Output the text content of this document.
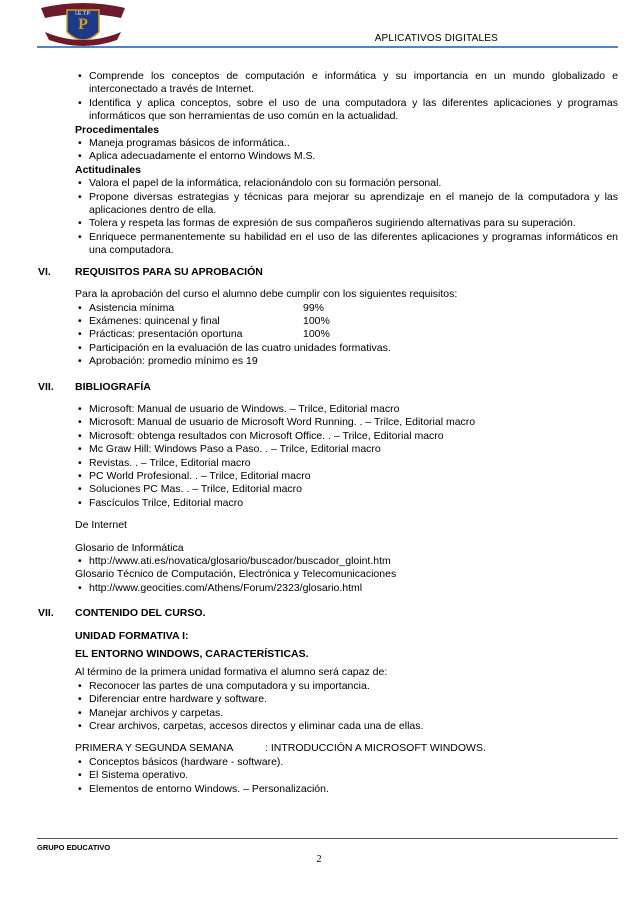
P
I.E.T.P.
APLICATIVOS DIGITALES
• Comprende los conceptos de computación e informática y su importancia en un mundo globalizado e interconectado a través de Internet.
• Identifica y aplica conceptos, sobre el uso de una computadora y las diferentes aplicaciones y programas informáticos que son herramientas de uso común en la actualidad.
Procedimentales
• Maneja programas básicos de informática..
• Aplica adecuadamente el entorno Windows M.S.
Actitudinales
• Valora el papel de la informática, relacionándolo con su formación personal.
• Propone diversas estrategias y técnicas para mejorar su aprendizaje en el manejo de la computadora y las aplicaciones dentro de ella.
• Tolera y respeta las formas de expresión de sus compañeros sugiriendo alternativas para su superación.
• Enriquece permanentemente su habilidad en el uso de las diferentes aplicaciones y programas informáticos en una computadora.
VI.	REQUISITOS PARA SU APROBACIÓN
Para la aprobación del curso el alumno debe cumplir con los siguientes requisitos:
• Asistencia mínima	99%
• Exámenes: quincenal y final	100%
• Prácticas: presentación oportuna	100%
• Participación en la evaluación de las cuatro unidades formativas.
• Aprobación: promedio mínimo es 19
VII.	BIBLIOGRAFÍA
• Microsoft: Manual de usuario de Windows. – Trilce, Editorial macro
• Microsoft: Manual de usuario de Microsoft Word Running. . – Trilce, Editorial macro
• Microsoft: obtenga resultados con Microsoft Office. . – Trilce, Editorial macro
• Mc Graw Hill: Windows Paso a Paso. . – Trilce, Editorial macro
• Revistas. . – Trilce, Editorial macro
• PC World Profesional. . – Trilce, Editorial macro
• Soluciones PC Mas. . – Trilce, Editorial macro
• Fascículos Trilce, Editorial macro
De Internet
Glosario de Informática
• http://www.ati.es/novatica/glosario/buscador/buscador_gloint.htm
Glosario Técnico de Computación, Electrónica y Telecomunicaciones
• http://www.geocities.com/Athens/Forum/2323/glosario.html
VII.	CONTENIDO DEL CURSO.
UNIDAD FORMATIVA I:
EL ENTORNO WINDOWS, CARACTERÍSTICAS.
Al término de la primera unidad formativa el alumno será capaz de:
• Reconocer las partes de una computadora y su importancia.
• Diferenciar entre hardware y software.
• Manejar archivos y carpetas.
• Crear archivos, carpetas, accesos directos y eliminar cada una de ellas.
PRIMERA Y SEGUNDA SEMANA	: INTRODUCCIÓN A MICROSOFT WINDOWS.
• Conceptos básicos (hardware - software).
• El Sistema operativo.
• Elementos de entorno Windows. – Personalización.
GRUPO EDUCATIVO
2
